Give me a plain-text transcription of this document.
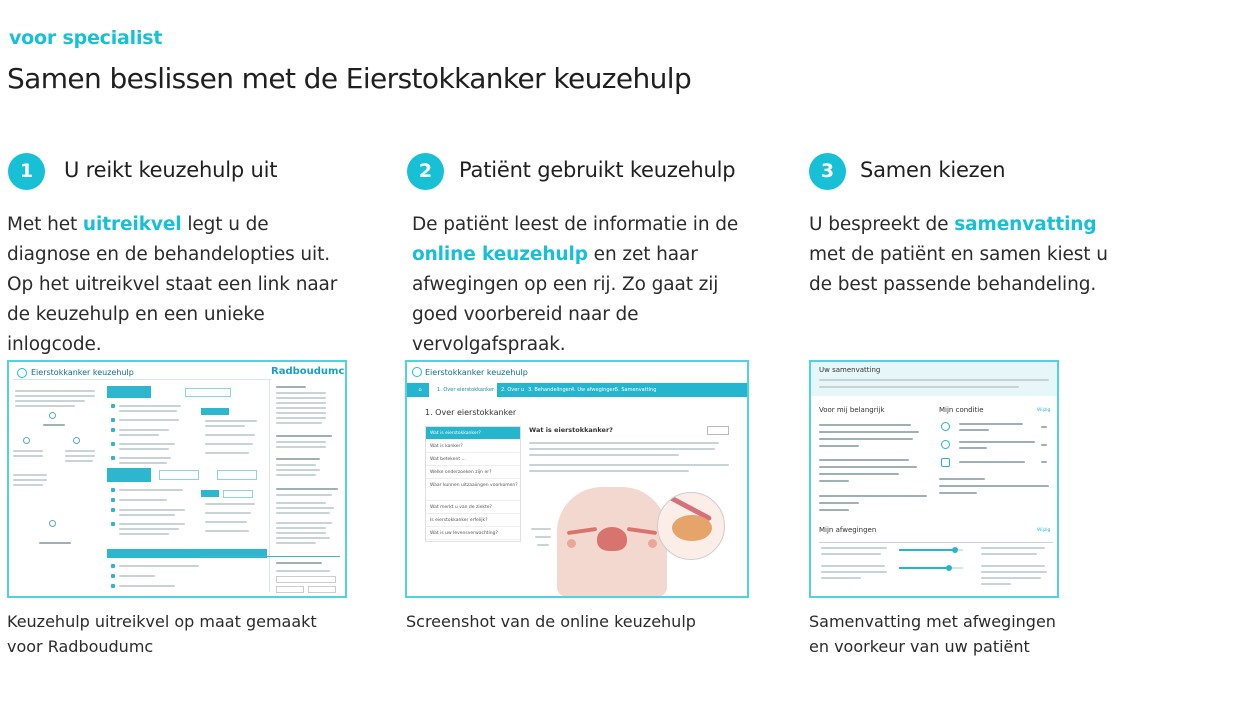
voor specialist
Samen beslissen met de Eierstokkanker keuzehulp
1	U reikt keuzehulp uit

Met het uitreikvel legt u de diagnose en de behandelopties uit. Op het uitreikvel staat een link naar de keuzehulp en een unieke inlogcode.

2	Patiënt gebruikt keuzehulp

De patiënt leest de informatie in de online keuzehulp en zet haar afwegingen op een rij. Zo gaat zij goed voorbereid naar de vervolgafspraak.

3	Samen kiezen

U bespreekt de samenvatting met de patiënt en samen kiest u de best passende behandeling.

Eierstokkanker keuzehulp	Radboudumc	Eierstokkanker keuzehulp
⌂	1. Over eierstokkanker	2. Over u 3. Behandelingen 4. Uw afwegingen 5. Samenvatting
1. Over eierstokkanker
Wat is eierstokkanker?
Wat is kanker?
Wat betekent ...
Welke onderzoeken zijn er?
Waar kunnen uitzaaiingen voorkomen?
Wat merkt u van de ziekte?
Is eierstokkanker erfelijk?
Wat is uw levensverwachting?
Wat is eierstokkanker?
Uw samenvatting
Voor mij belangrijk	Mijn conditie	Wijzig
Mijn afwegingen	Wijzig
Keuzehulp uitreikvel op maat gemaakt voor Radboudumc
Screenshot van de online keuzehulp	Samenvatting met afwegingen en voorkeur van uw patiënt
